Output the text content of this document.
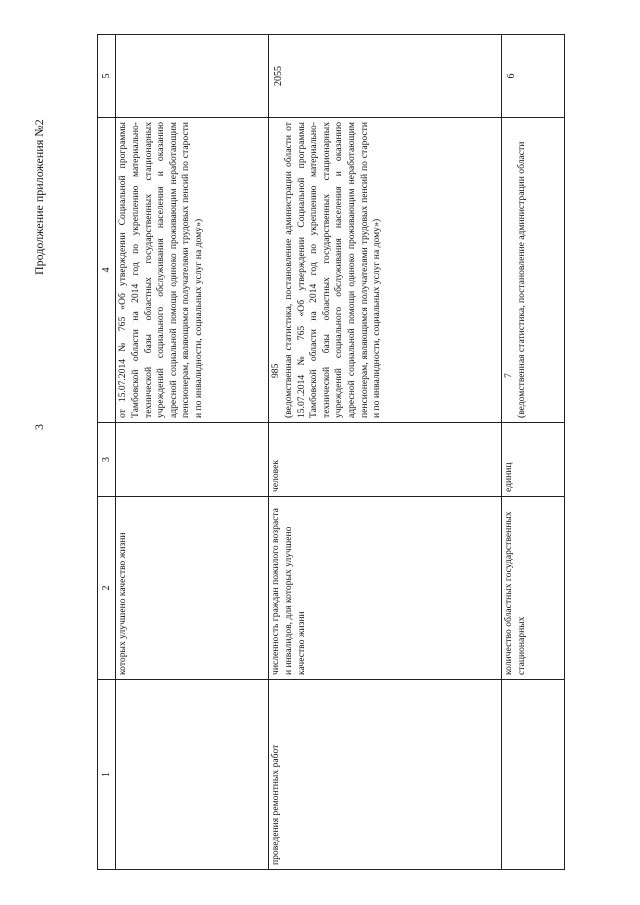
3
Продолжение приложения №2
1	2	3	4	5
	которых улучшено качество жизни		от 15.07.2014 № 765 «Об утверждении Социальной программы Тамбовской области на 2014 год по укреплению материально-технической базы областных государственных стационарных учреждений социального обслуживания населения и оказанию адресной социальной помощи одиноко проживающим неработающим пенсионерам, являющимся получателями трудовых пенсий по старости и по инвалидности, социальных услуг на дому»)	
проведения ремонтных работ	численность граждан пожилого возраста и инвалидов, для которых улучшено качество жизни	человек	985 (ведомственная статистика, постановление администрации области от 15.07.2014 № 765 «Об утверждении Социальной программы Тамбовской области на 2014 год по укреплению материально-технической базы областных государственных стационарных учреждений социального обслуживания населения и оказанию адресной социальной помощи одиноко проживающим неработающим пенсионерам, являющимся получателями трудовых пенсий по старости и по инвалидности, социальных услуг на дому»)	2055

	количество областных государственных стационарных	единиц	7 (ведомственная статистика, постановление администрации области	6
